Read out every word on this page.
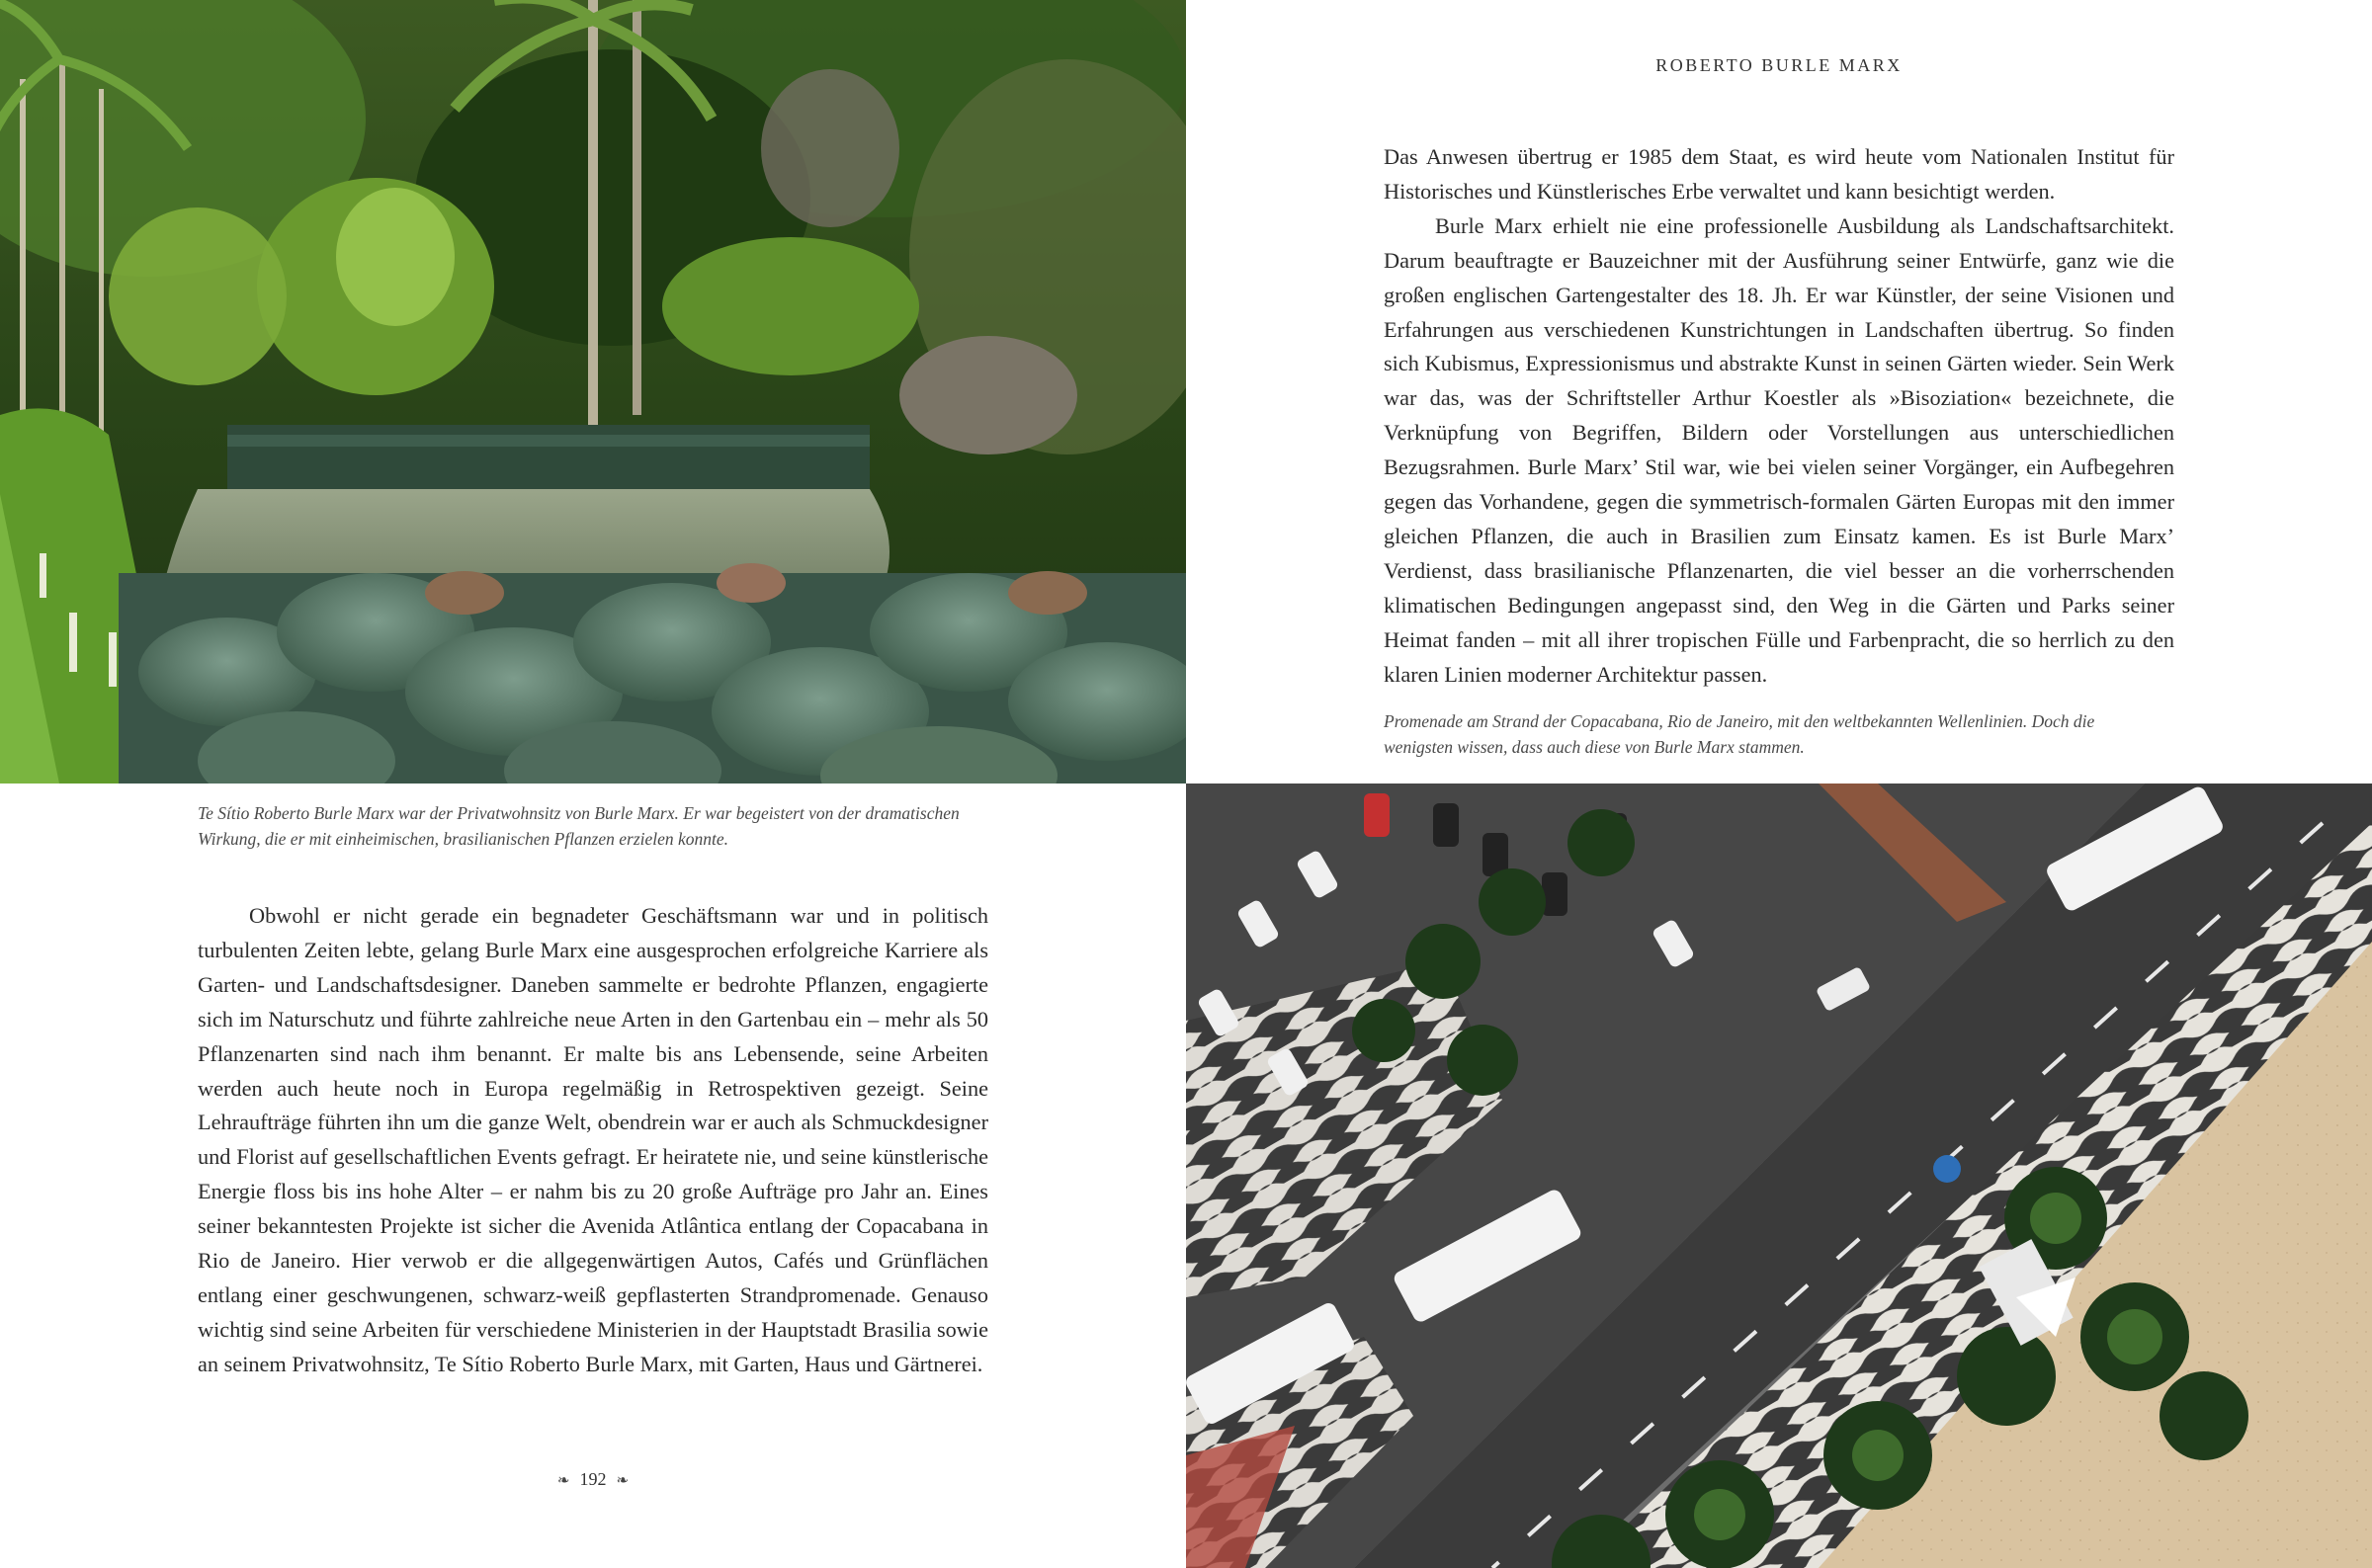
Te Sítio Roberto Burle Marx war der Privatwohnsitz von Burle Marx. Er war begeistert von der dramatischen Wirkung, die er mit einheimischen, brasilianischen Pflanzen erzielen konnte.

Obwohl er nicht gerade ein begnadeter Geschäftsmann war und in politisch turbulenten Zeiten lebte, gelang Burle Marx eine ausgesprochen erfolgreiche Karriere als Garten- und Landschaftsdesigner. Daneben sammelte er bedrohte Pflanzen, engagierte sich im Naturschutz und führte zahlreiche neue Arten in den Gartenbau ein – mehr als 50 Pflanzenarten sind nach ihm benannt. Er malte bis ans Lebensende, seine Arbeiten werden auch heute noch in Europa regelmäßig in Retrospektiven gezeigt. Seine Lehraufträge führten ihn um die ganze Welt, obendrein war er auch als Schmuckdesigner und Florist auf gesellschaftlichen Events gefragt. Er heiratete nie, und seine künstlerische Energie floss bis ins hohe Alter – er nahm bis zu 20 große Aufträge pro Jahr an. Eines seiner bekanntesten Projekte ist sicher die Avenida Atlântica entlang der Copacabana in Rio de Janeiro. Hier verwob er die allgegenwärtigen Autos, Cafés und Grünflächen entlang einer geschwungenen, schwarz-weiß gepflasterten Strandpromenade. Genauso wichtig sind seine Arbeiten für verschiedene Ministerien in der Hauptstadt Brasilia sowie an seinem Privatwohnsitz, Te Sítio Roberto Burle Marx, mit Garten, Haus und Gärtnerei.

❧ 192 ❧
ROBERTO BURLE MARX

Das Anwesen übertrug er 1985 dem Staat, es wird heute vom Nationalen Institut für Historisches und Künstlerisches Erbe verwaltet und kann besichtigt werden.

Burle Marx erhielt nie eine professionelle Ausbildung als Landschaftsarchitekt. Darum beauftragte er Bauzeichner mit der Ausführung seiner Entwürfe, ganz wie die großen englischen Gartengestalter des 18. Jh. Er war Künstler, der seine Visionen und Erfahrungen aus verschiedenen Kunstrichtungen in Landschaften übertrug. So finden sich Kubismus, Expressionismus und abstrakte Kunst in seinen Gärten wieder. Sein Werk war das, was der Schriftsteller Arthur Koestler als »Bisoziation« bezeichnete, die Verknüpfung von Begriffen, Bildern oder Vorstellungen aus unterschiedlichen Bezugsrahmen. Burle Marx’ Stil war, wie bei vielen seiner Vorgänger, ein Aufbegehren gegen das Vorhandene, gegen die symmetrisch-formalen Gärten Europas mit den immer gleichen Pflanzen, die auch in Brasilien zum Einsatz kamen. Es ist Burle Marx’ Verdienst, dass brasilianische Pflanzenarten, die viel besser an die vorherrschenden klimatischen Bedingungen angepasst sind, den Weg in die Gärten und Parks seiner Heimat fanden – mit all ihrer tropischen Fülle und Farbenpracht, die so herrlich zu den klaren Linien moderner Architektur passen.

Promenade am Strand der Copacabana, Rio de Janeiro, mit den weltbekannten Wellenlinien. Doch die wenigsten wissen, dass auch diese von Burle Marx stammen.
